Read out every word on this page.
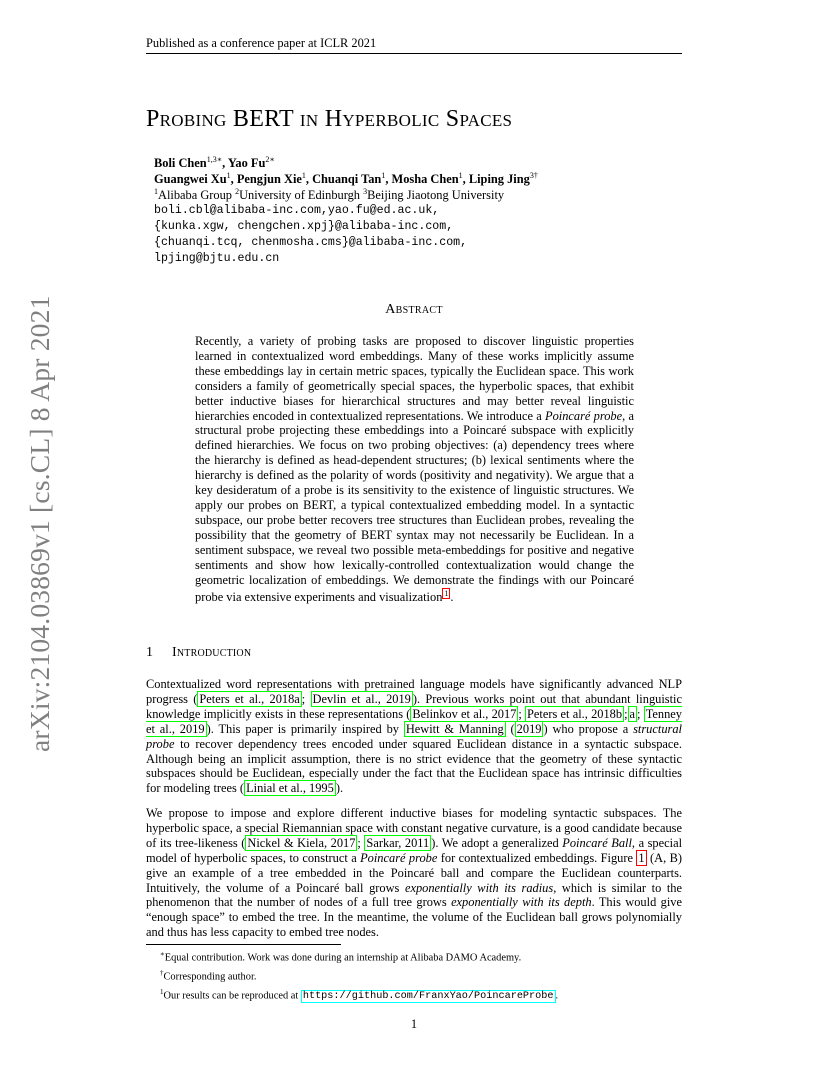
Published as a conference paper at ICLR 2021
arXiv:2104.03869v1 [cs.CL] 8 Apr 2021
Probing BERT in Hyperbolic Spaces
Boli Chen$^{1,3∗}$, Yao $Fu^{2∗}$
Guangwei Xu$^1$, Pengjun Xie$^1$, Chuanqi Tan$^1$, Mosha Chen$^1$, Liping Jing$^{3\dagger}$
$^1$Alibaba Group $^2$University of Edinburgh $^3$Beijing Jiaotong University
boli.cbl@alibaba-inc.com,yao.fu@ed.ac.uk,
{kunka.xgw, chengchen.xpj}@alibaba-inc.com,
{chuanqi.tcq, chenmosha.cms}@alibaba-inc.com,
lpjing@bjtu.edu.cn
Abstract
Recently, a variety of probing tasks are proposed to discover linguistic properties learned in contextualized word embeddings. Many of these works implicitly assume these embeddings lay in certain metric spaces, typically the Euclidean space. This work considers a family of geometrically special spaces, the hyperbolic spaces, that exhibit better inductive biases for hierarchical structures and may better reveal linguistic hierarchies encoded in contextualized representations. We introduce a Poincaré probe, a structural probe projecting these embeddings into a Poincaré subspace with explicitly defined hierarchies. We focus on two probing objectives: (a) dependency trees where the hierarchy is defined as head-dependent structures; (b) lexical sentiments where the hierarchy is defined as the polarity of words (positivity and negativity). We argue that a key desideratum of a probe is its sensitivity to the existence of linguistic structures. We apply our probes on BERT, a typical contextualized embedding model. In a syntactic subspace, our probe better recovers tree structures than Euclidean probes, revealing the possibility that the geometry of BERT syntax may not necessarily be Euclidean. In a sentiment subspace, we reveal two possible meta-embeddings for positive and negative sentiments and show how lexically-controlled contextualization would change the geometric localization of embeddings. We demonstrate the findings with our Poincaré probe via extensive experiments and visualization $^1$ .
1 Introduction
Contextualized word representations with pretrained language models have significantly advanced NLP progress ( Peters et al., 2018a ; Devlin et al., 2019 ). Previous works point out that abundant linguistic knowledge implicitly exists in these representations ( Belinkov et al., 2017 ; Peters et al., 2018b ; a ; Tenney et al., 2019 ). This paper is primarily inspired by Hewitt & Manning ( 2019 ) who propose a structural probe to recover dependency trees encoded under squared Euclidean distance in a syntactic subspace. Although being an implicit assumption, there is no strict evidence that the geometry of these syntactic subspaces should be Euclidean, especially under the fact that the Euclidean space has intrinsic difficulties for modeling trees ( Linial et al., 1995 ).
We propose to impose and explore different inductive biases for modeling syntactic subspaces. The hyperbolic space, a special Riemannian space with constant negative curvature, is a good candidate because of its tree-likeness ( Nickel & Kiela, 2017 ; Sarkar, 2011 ). We adopt a generalized Poincaré Ball, a special model of hyperbolic spaces, to construct a Poincaré probe for contextualized embeddings. Figure 1 (A, B) give an example of a tree embedded in the Poincaré ball and compare the Euclidean counterparts. Intuitively, the volume of a Poincaré ball grows exponentially with its radius, which is similar to the phenomenon that the number of nodes of a full tree grows exponentially with its depth. This would give “enough space” to embed the tree. In the meantime, the volume of the Euclidean ball grows polynomially and thus has less capacity to embed tree nodes.
∗Equal contribution. Work was done during an internship at Alibaba DAMO Academy.
†Corresponding author.
$^1$Our results can be reproduced at https://github.com/FranxYao/PoincareProbe .
1
